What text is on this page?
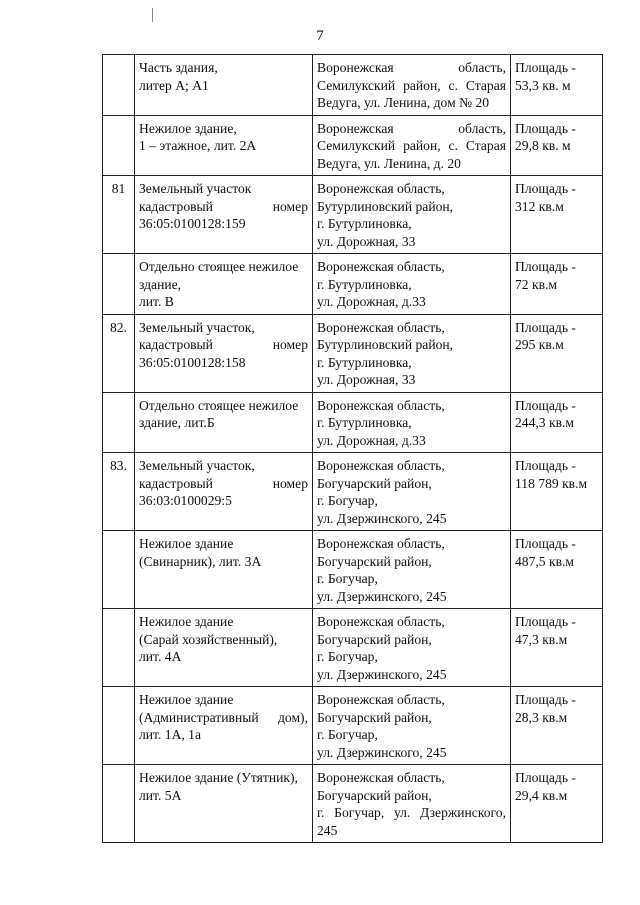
7

	Часть здания,
литер А; А1	Воронежская область, Семилукский район, с. Старая Ведуга, ул. Ленина, дом № 20	Площадь -
53,3 кв. м

	Нежилое здание,
1 – этажное, лит. 2А	Воронежская область, Семилукский район, с. Старая Ведуга, ул. Ленина, д. 20	Площадь -
29,8 кв. м

81	Земельный участок
кадастровый номер
36:05:0100128:159	Воронежская область,
Бутурлиновский район,
г. Бутурлиновка,
ул. Дорожная, 33	Площадь -
312 кв.м

	Отдельно стоящее нежилое
здание,
лит. В	Воронежская область,
г. Бутурлиновка,
ул. Дорожная, д.33	Площадь -
72 кв.м

82.	Земельный участок,
кадастровый номер
36:05:0100128:158	Воронежская область,
Бутурлиновский район,
г. Бутурлиновка,
ул. Дорожная, 33	Площадь -
295 кв.м

	Отдельно стоящее нежилое
здание, лит.Б	Воронежская область,
г. Бутурлиновка,
ул. Дорожная, д.33	Площадь -
244,3 кв.м

83.	Земельный участок,
кадастровый номер
36:03:0100029:5	Воронежская область,
Богучарский район,
г. Богучар,
ул. Дзержинского, 245	Площадь -
118 789 кв.м

	Нежилое здание
(Свинарник), лит. 3А	Воронежская область,
Богучарский район,
г. Богучар,
ул. Дзержинского, 245	Площадь -
487,5 кв.м

	Нежилое здание
(Сарай хозяйственный),
лит. 4А	Воронежская область,
Богучарский район,
г. Богучар,
ул. Дзержинского, 245	Площадь -
47,3 кв.м

	Нежилое здание
(Административный дом),
лит. 1А, 1а	Воронежская область,
Богучарский район,
г. Богучар,
ул. Дзержинского, 245	Площадь -
28,3 кв.м

	Нежилое здание (Утятник),
лит. 5А	Воронежская область,
Богучарский район,
г. Богучар, ул. Дзержинского, 245	Площадь -
29,4 кв.м
